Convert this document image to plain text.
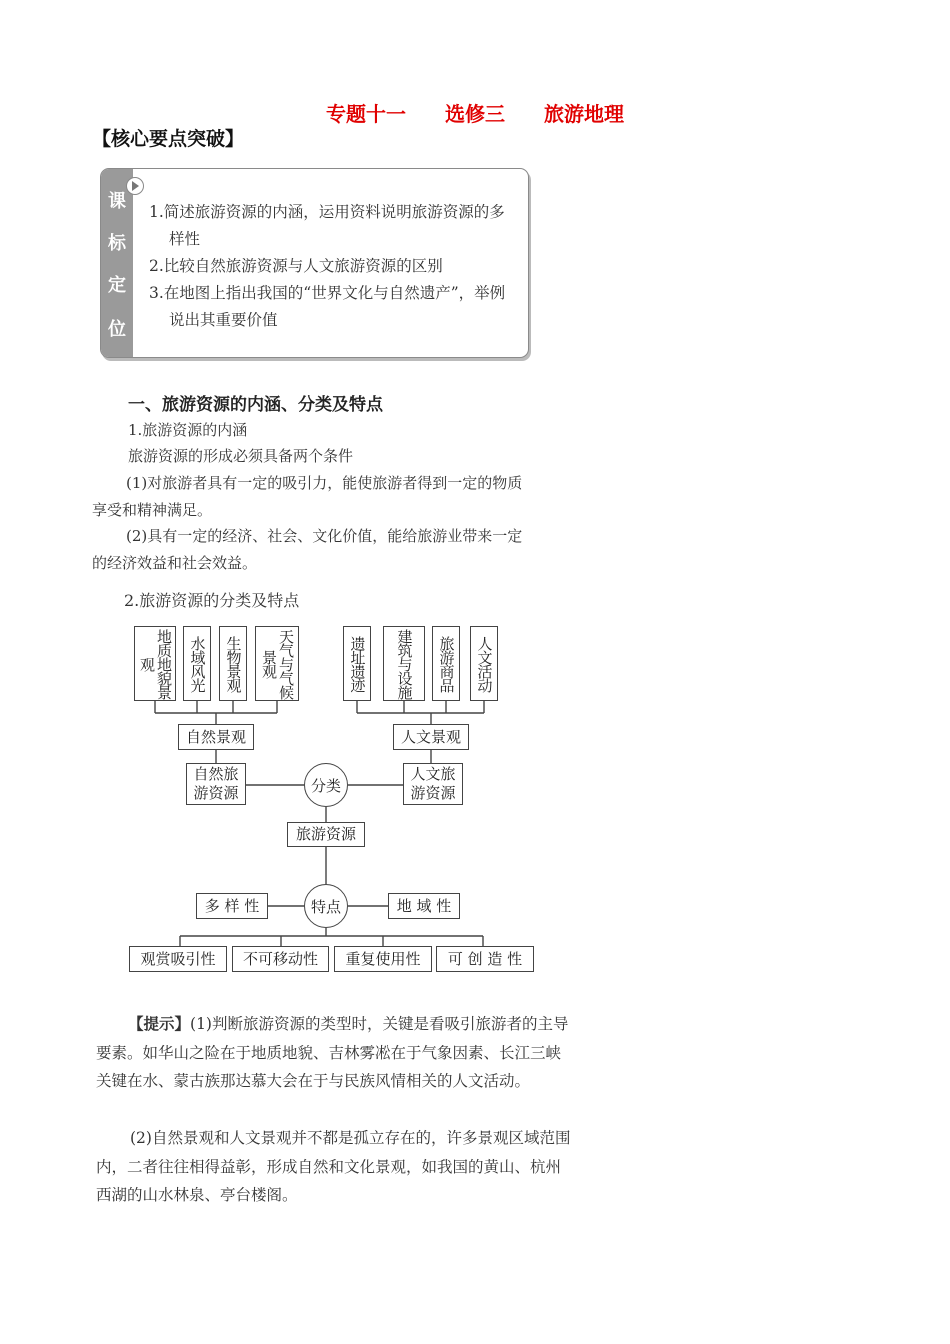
专题十一 选修三 旅游地理
【核心要点突破】
课
标
定
位
1.简述旅游资源的内涵，运用资料说明旅游资源的多样性
2.比较自然旅游资源与人文旅游资源的区别
3.在地图上指出我国的“世界文化与自然遗产”，举例说出其重要价值
一、旅游资源的内涵、分类及特点
1.旅游资源的内涵
旅游资源的形成必须具备两个条件
(1)对旅游者具有一定的吸引力，能使旅游者得到一定的物质享受和精神满足。
(2)具有一定的经济、社会、文化价值，能给旅游业带来一定的经济效益和社会效益。
2.旅游资源的分类及特点
地质地貌景观	水域风光 生物景观	天气与气候景观	遗址遗迹 建筑与设施 旅游商品 人文活动
自然景观	人文景观
自然旅游资源
人文旅游资源
分类
旅游资源
特点
多 样 性	地 域 性
观赏吸引性	不可移动性	重复使用性	可 创 造 性
【提示】(1)判断旅游资源的类型时，关键是看吸引旅游者的主导要素。如华山之险在于地质地貌、吉林雾凇在于气象因素、长江三峡关键在水、蒙古族那达慕大会在于与民族风情相关的人文活动。
(2)自然景观和人文景观并不都是孤立存在的，许多景观区域范围内，二者往往相得益彰，形成自然和文化景观，如我国的黄山、杭州西湖的山水林泉、亭台楼阁。
